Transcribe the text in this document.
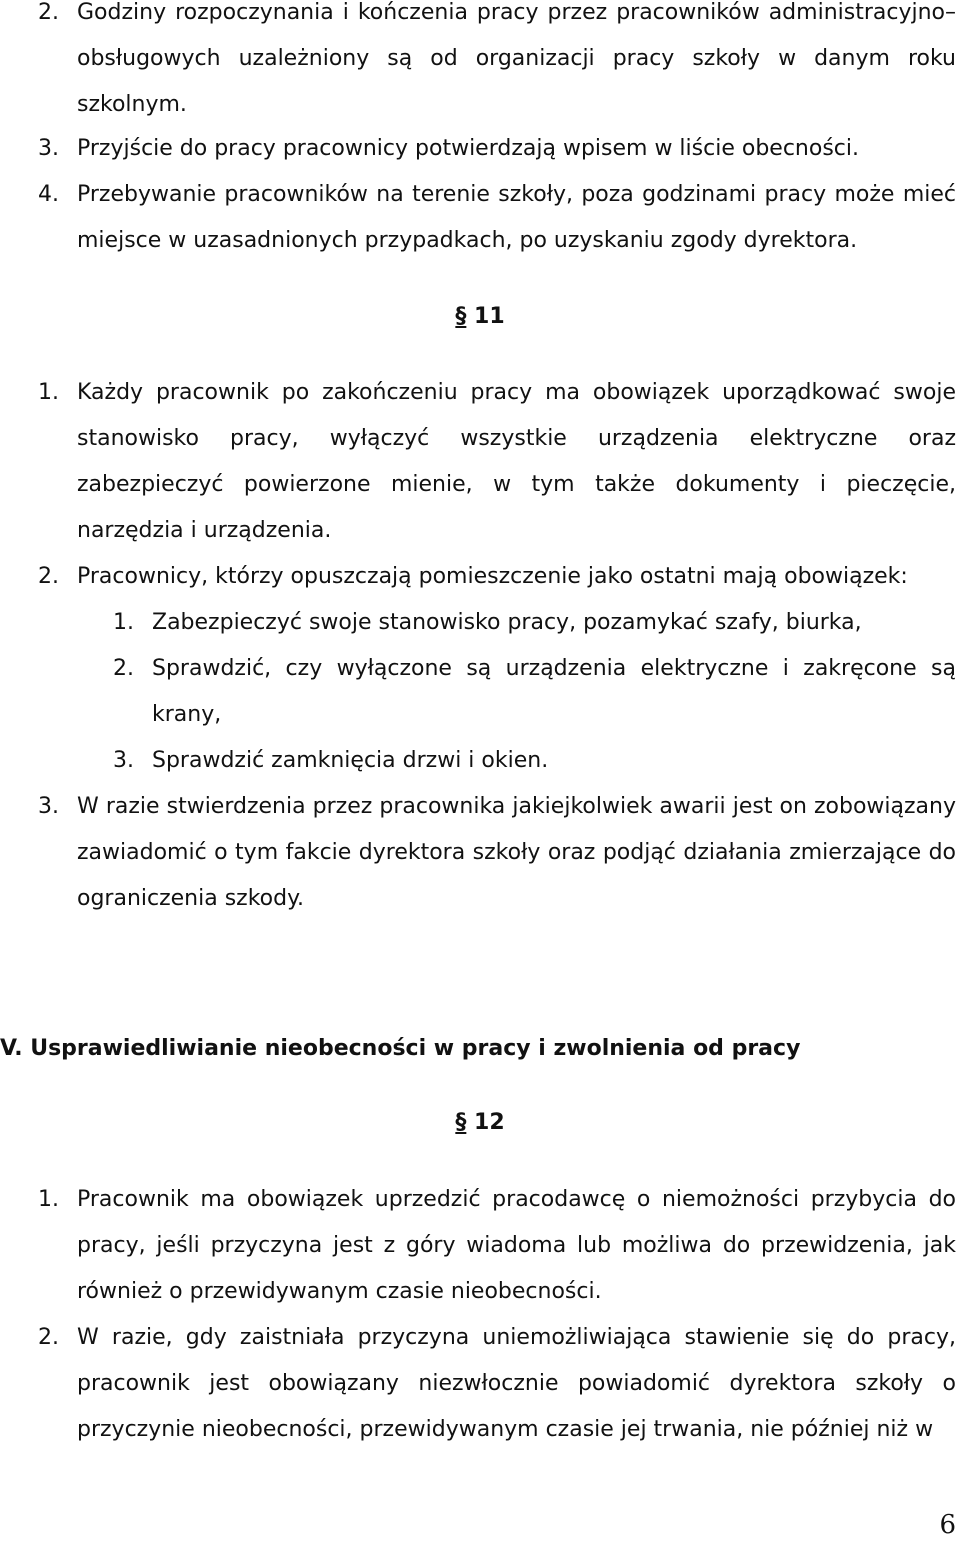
2. Godziny rozpoczynania i kończenia pracy przez pracowników administracyjno–obsługowych uzależniony są od organizacji pracy szkoły w danym roku szkolnym.
3. Przyjście do pracy pracownicy potwierdzają wpisem w liście obecności.
4. Przebywanie pracowników na terenie szkoły, poza godzinami pracy może mieć miejsce w uzasadnionych przypadkach, po uzyskaniu zgody dyrektora.
§ 11
1. Każdy pracownik po zakończeniu pracy ma obowiązek uporządkować swoje stanowisko pracy, wyłączyć wszystkie urządzenia elektryczne oraz zabezpieczyć powierzone mienie, w tym także dokumenty i pieczęcie, narzędzia i urządzenia.
2. Pracownicy, którzy opuszczają pomieszczenie jako ostatni mają obowiązek:
1. Zabezpieczyć swoje stanowisko pracy, pozamykać szafy, biurka,
2. Sprawdzić, czy wyłączone są urządzenia elektryczne i zakręcone są krany,
3. Sprawdzić zamknięcia drzwi i okien.
3. W razie stwierdzenia przez pracownika jakiejkolwiek awarii jest on zobowiązany zawiadomić o tym fakcie dyrektora szkoły oraz podjąć działania zmierzające do ograniczenia szkody.
V. Usprawiedliwianie nieobecności w pracy i zwolnienia od pracy
§ 12
1. Pracownik ma obowiązek uprzedzić pracodawcę o niemożności przybycia do pracy, jeśli przyczyna jest z góry wiadoma lub możliwa do przewidzenia, jak również o przewidywanym czasie nieobecności.
2. W razie, gdy zaistniała przyczyna uniemożliwiająca stawienie się do pracy, pracownik jest obowiązany niezwłocznie powiadomić dyrektora szkoły o przyczynie nieobecności, przewidywanym czasie jej trwania, nie później niż w
6
